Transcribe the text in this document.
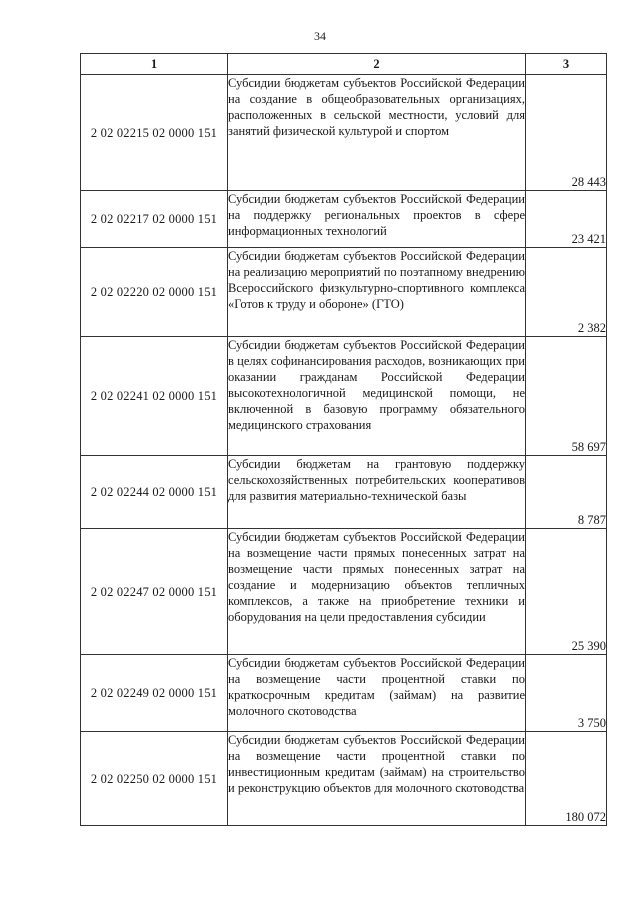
34
1	2	3
2 02 02215 02 0000 151	Субсидии бюджетам субъектов Российской Федерации на создание в общеобразовательных организациях, расположенных в сельской местности, условий для занятий физической культурой и спортом	28 443
2 02 02217 02 0000 151	Субсидии бюджетам субъектов Российской Федерации на поддержку региональных проектов в сфере информационных технологий	23 421
2 02 02220 02 0000 151	Субсидии бюджетам субъектов Российской Федерации на реализацию мероприятий по поэтапному внедрению Всероссийского физкультурно-спортивного комплекса «Готов к труду и обороне» (ГТО)	2 382
2 02 02241 02 0000 151	Субсидии бюджетам субъектов Российской Федерации в целях софинансирования расходов, возникающих при оказании гражданам Российской Федерации высокотехнологичной медицинской помощи, не включенной в базовую программу обязательного медицинского страхования	58 697
2 02 02244 02 0000 151	Субсидии бюджетам на грантовую поддержку сельскохозяйственных потребительских кооперативов для развития материально-технической базы	8 787
2 02 02247 02 0000 151	Субсидии бюджетам субъектов Российской Федерации на возмещение части прямых понесенных затрат на возмещение части прямых понесенных затрат на создание и модернизацию объектов тепличных комплексов, а также на приобретение техники и оборудования на цели предоставления субсидии	25 390
2 02 02249 02 0000 151	Субсидии бюджетам субъектов Российской Федерации на возмещение части процентной ставки по краткосрочным кредитам (займам) на развитие молочного скотоводства	3 750
2 02 02250 02 0000 151	Субсидии бюджетам субъектов Российской Федерации на возмещение части процентной ставки по инвестиционным кредитам (займам) на строительство и реконструкцию объектов для молочного скотоводства	180 072
